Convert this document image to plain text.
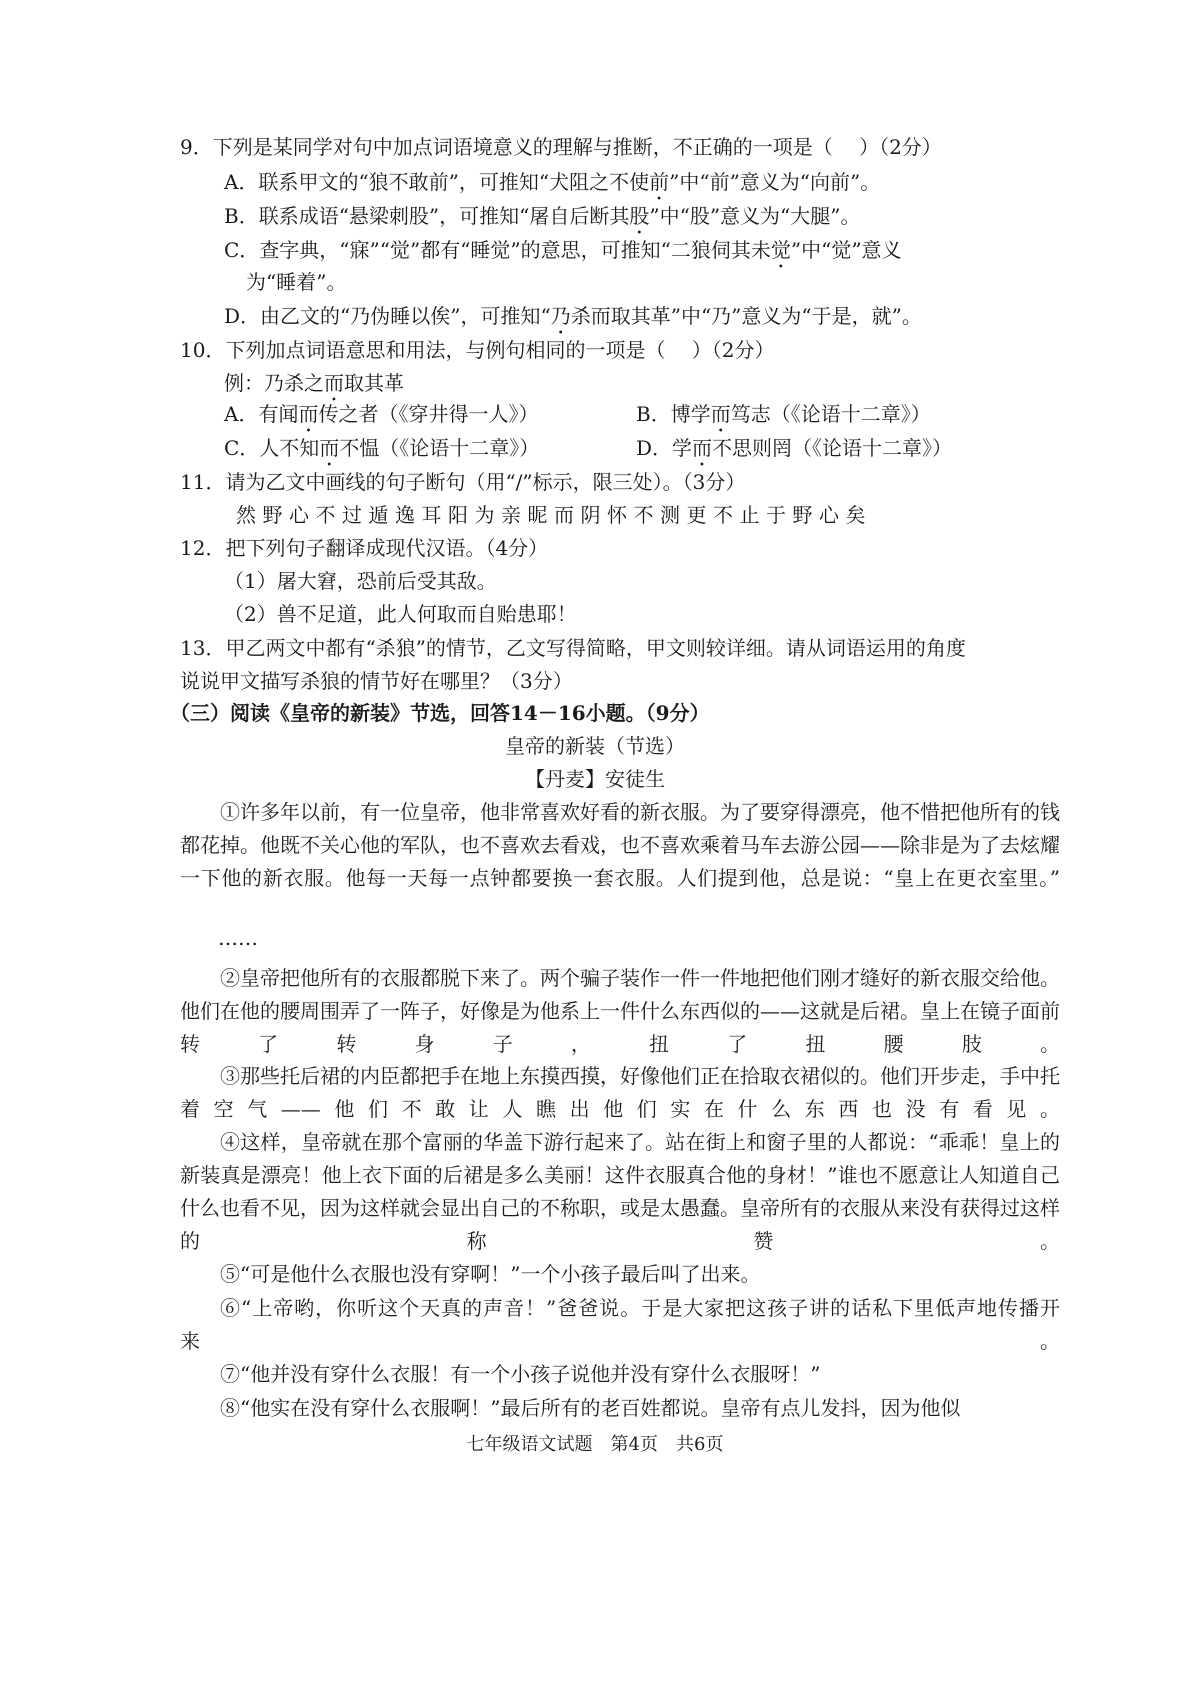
9．下列是某同学对句中加点词语境意义的理解与推断，不正确的一项是（　 ）（2分）
A．联系甲文的“狼不敢前”，可推知“犬阻之不使前”中“前”意义为“向前”。
B．联系成语“悬梁刺股”，可推知“屠自后断其股”中“股”意义为“大腿”。
C．查字典，“寐”“觉”都有“睡觉”的意思，可推知“二狼伺其未觉”中“觉”意义
为“睡着”。
D．由乙文的“乃伪睡以俟”，可推知“乃杀而取其革”中“乃”意义为“于是，就”。
10．下列加点词语意思和用法，与例句相同的一项是（　 ）（2分）
例：乃杀之而取其革
A．有闻而传之者（《穿井得一人》）	B．博学而笃志（《论语十二章》）
C．人不知而不愠（《论语十二章》）	D．学而不思则罔（《论语十二章》）
11．请为乙文中画线的句子断句（用“/”标示，限三处）。（3分）
然野心不过遁逸耳阳为亲昵而阴怀不测更不止于野心矣
12．把下列句子翻译成现代汉语。（4分）
（1）屠大窘，恐前后受其敌。
（2）兽不足道，此人何取而自贻患耶！
13．甲乙两文中都有“杀狼”的情节，乙文写得简略，甲文则较详细。请从词语运用的角度
说说甲文描写杀狼的情节好在哪里？（3分）
（三）阅读《皇帝的新装》节选，回答14－16小题。（9分）
皇帝的新装（节选）
【丹麦】安徒生
①许多年以前，有一位皇帝，他非常喜欢好看的新衣服。为了要穿得漂亮，他不惜把他所有的钱都花掉。他既不关心他的军队，也不喜欢去看戏，也不喜欢乘着马车去游公园——除非是为了去炫耀一下他的新衣服。他每一天每一点钟都要换一套衣服。人们提到他，总是说：“皇上在更衣室里。”
……
②皇帝把他所有的衣服都脱下来了。两个骗子装作一件一件地把他们刚才缝好的新衣服交给他。他们在他的腰周围弄了一阵子，好像是为他系上一件什么东西似的——这就是后裙。皇上在镜子面前转了转身子，扭了扭腰肢。
③那些托后裙的内臣都把手在地上东摸西摸，好像他们正在拾取衣裙似的。他们开步走，手中托着空气——他们不敢让人瞧出他们实在什么东西也没有看见。
④这样，皇帝就在那个富丽的华盖下游行起来了。站在街上和窗子里的人都说：“乖乖！皇上的新装真是漂亮！他上衣下面的后裙是多么美丽！这件衣服真合他的身材！”谁也不愿意让人知道自己什么也看不见，因为这样就会显出自己的不称职，或是太愚蠢。皇帝所有的衣服从来没有获得过这样的称赞。
⑤“可是他什么衣服也没有穿啊！”一个小孩子最后叫了出来。
⑥“上帝哟，你听这个天真的声音！”爸爸说。于是大家把这孩子讲的话私下里低声地传播开来。
⑦“他并没有穿什么衣服！有一个小孩子说他并没有穿什么衣服呀！”
⑧“他实在没有穿什么衣服啊！”最后所有的老百姓都说。皇帝有点儿发抖，因为他似
七年级语文试题　第4页　共6页
